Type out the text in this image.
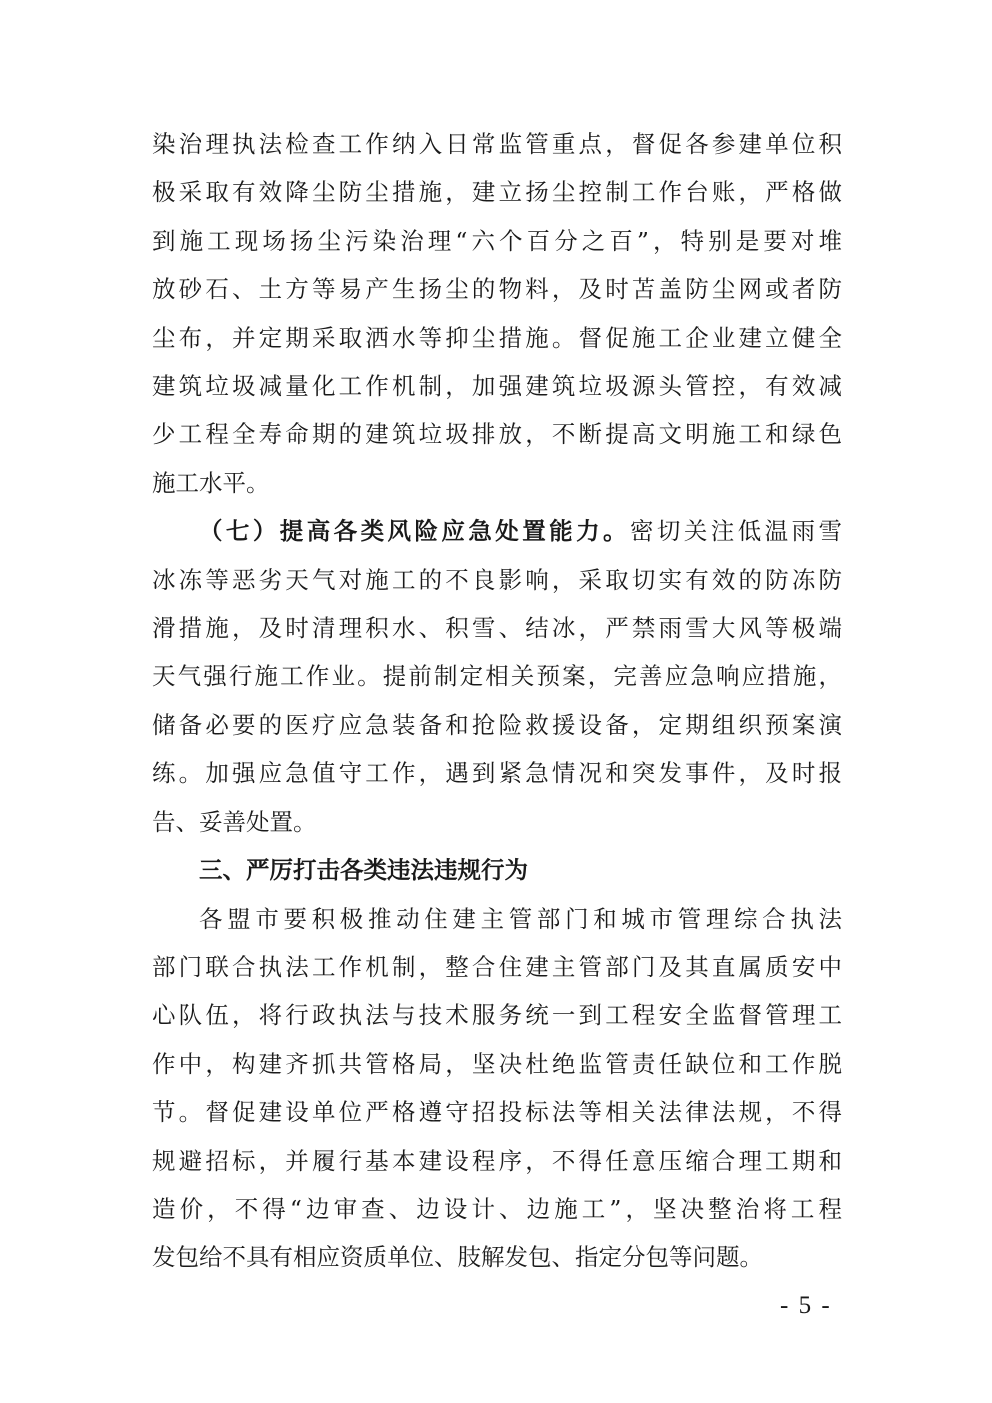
染治理执法检查工作纳入日常监管重点，督促各参建单位积

极采取有效降尘防尘措施，建立扬尘控制工作台账，严格做

到施工现场扬尘污染治理“六个百分之百”，特别是要对堆

放砂石、土方等易产生扬尘的物料，及时苫盖防尘网或者防

尘布，并定期采取洒水等抑尘措施。督促施工企业建立健全

建筑垃圾减量化工作机制，加强建筑垃圾源头管控，有效减

少工程全寿命期的建筑垃圾排放，不断提高文明施工和绿色

施工水平。

（七）提高各类风险应急处置能力。密切关注低温雨雪

冰冻等恶劣天气对施工的不良影响，采取切实有效的防冻防

滑措施，及时清理积水、积雪、结冰，严禁雨雪大风等极端

天气强行施工作业。提前制定相关预案，完善应急响应措施，

储备必要的医疗应急装备和抢险救援设备，定期组织预案演

练。加强应急值守工作，遇到紧急情况和突发事件，及时报

告、妥善处置。

三、严厉打击各类违法违规行为

各盟市要积极推动住建主管部门和城市管理综合执法

部门联合执法工作机制，整合住建主管部门及其直属质安中

心队伍，将行政执法与技术服务统一到工程安全监督管理工

作中，构建齐抓共管格局，坚决杜绝监管责任缺位和工作脱

节。督促建设单位严格遵守招投标法等相关法律法规，不得

规避招标，并履行基本建设程序，不得任意压缩合理工期和

造价，不得“边审查、边设计、边施工”，坚决整治将工程

发包给不具有相应资质单位、肢解发包、指定分包等问题。

- 5 -
